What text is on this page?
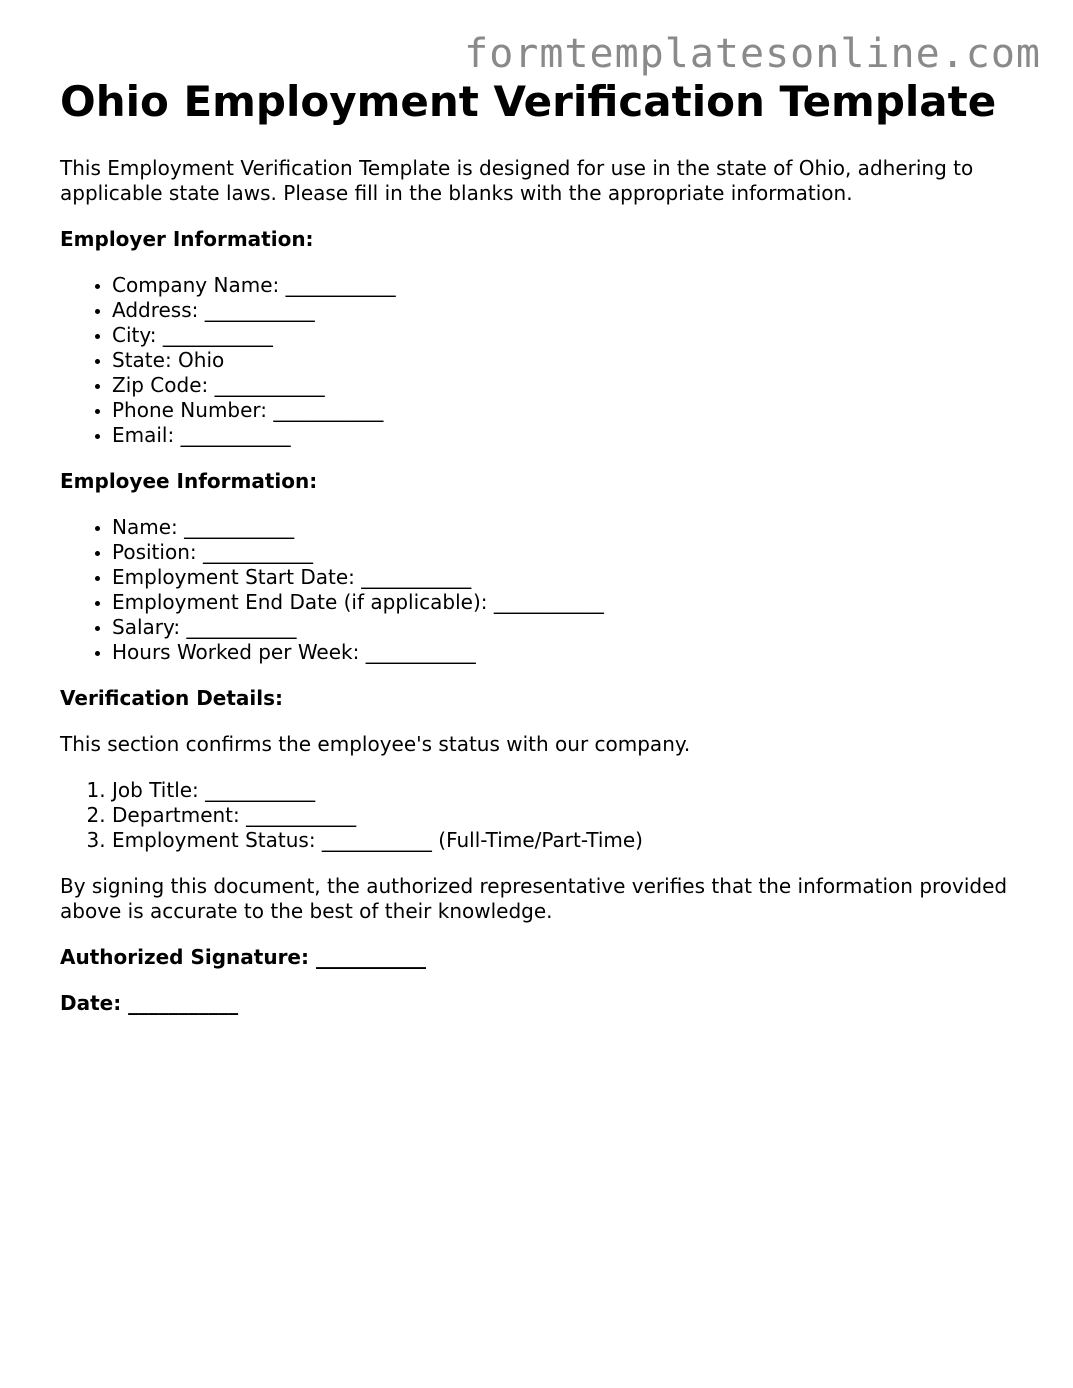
formtemplatesonline.com
Ohio Employment Verification Template

This Employment Verification Template is designed for use in the state of Ohio, adhering to applicable state laws. Please fill in the blanks with the appropriate information.

Employer Information:

• Company Name: ___________
• Address: ___________
• City: ___________
• State: Ohio
• Zip Code: ___________
• Phone Number: ___________
• Email: ___________

Employee Information:

• Name: ___________
• Position: ___________
• Employment Start Date: ___________
• Employment End Date (if applicable): ___________
• Salary: ___________
• Hours Worked per Week: ___________

Verification Details:

This section confirms the employee's status with our company.

1. Job Title: ___________
2. Department: ___________
3. Employment Status: ___________ (Full-Time/Part-Time)

By signing this document, the authorized representative verifies that the information provided above is accurate to the best of their knowledge.

Authorized Signature: ___________

Date: ___________
